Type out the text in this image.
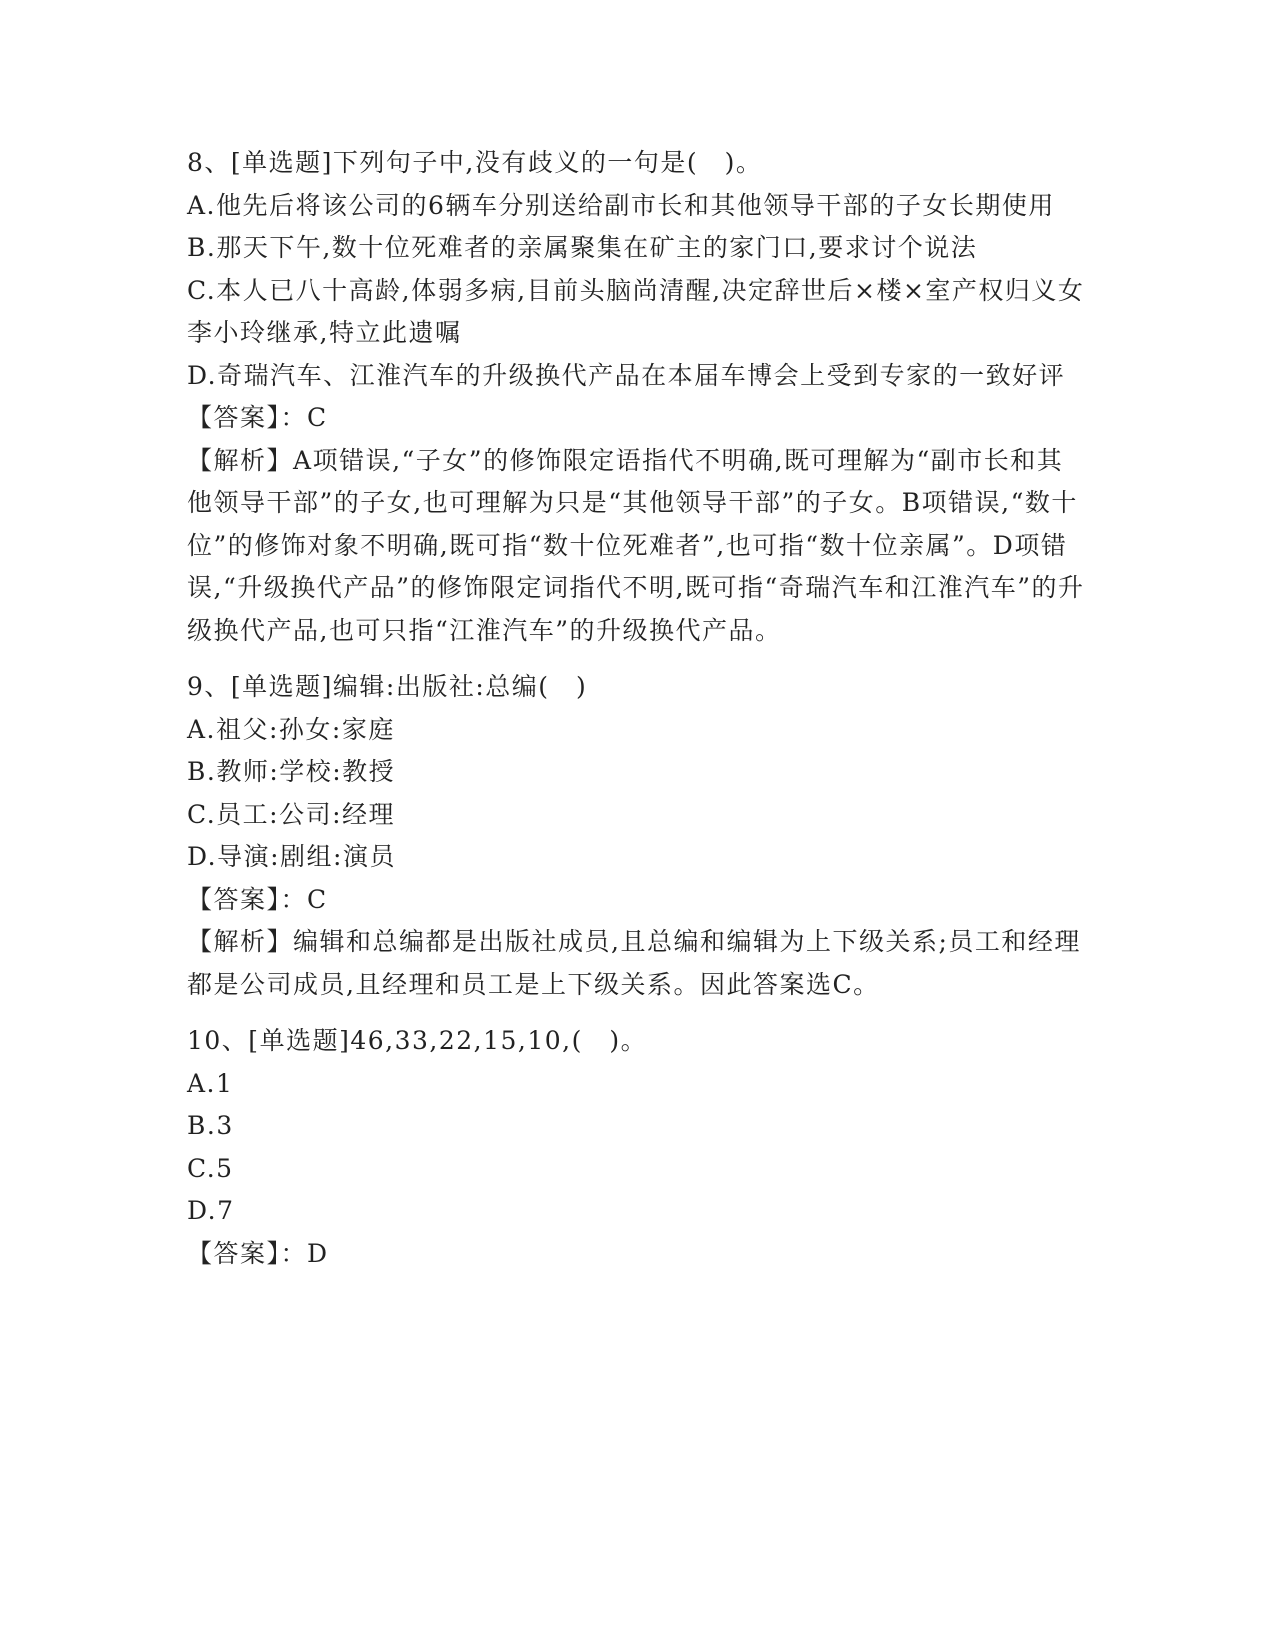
8、[单选题]下列句子中,没有歧义的一句是(　)。
A.他先后将该公司的6辆车分别送给副市长和其他领导干部的子女长期使用
B.那天下午,数十位死难者的亲属聚集在矿主的家门口,要求讨个说法
C.本人已八十高龄,体弱多病,目前头脑尚清醒,决定辞世后×楼×室产权归义女李小玲继承,特立此遗嘱
D.奇瑞汽车、江淮汽车的升级换代产品在本届车博会上受到专家的一致好评
【答案】：C
【解析】A项错误,“子女”的修饰限定语指代不明确,既可理解为“副市长和其他领导干部”的子女,也可理解为只是“其他领导干部”的子女。B项错误,“数十位”的修饰对象不明确,既可指“数十位死难者”,也可指“数十位亲属”。D项错误,“升级换代产品”的修饰限定词指代不明,既可指“奇瑞汽车和江淮汽车”的升级换代产品,也可只指“江淮汽车”的升级换代产品。
9、[单选题]编辑:出版社:总编(　)
A.祖父:孙女:家庭
B.教师:学校:教授
C.员工:公司:经理
D.导演:剧组:演员
【答案】：C
【解析】编辑和总编都是出版社成员,且总编和编辑为上下级关系;员工和经理都是公司成员,且经理和员工是上下级关系。因此答案选C。
10、[单选题]46,33,22,15,10,(　)。
A.1
B.3
C.5
D.7
【答案】：D
